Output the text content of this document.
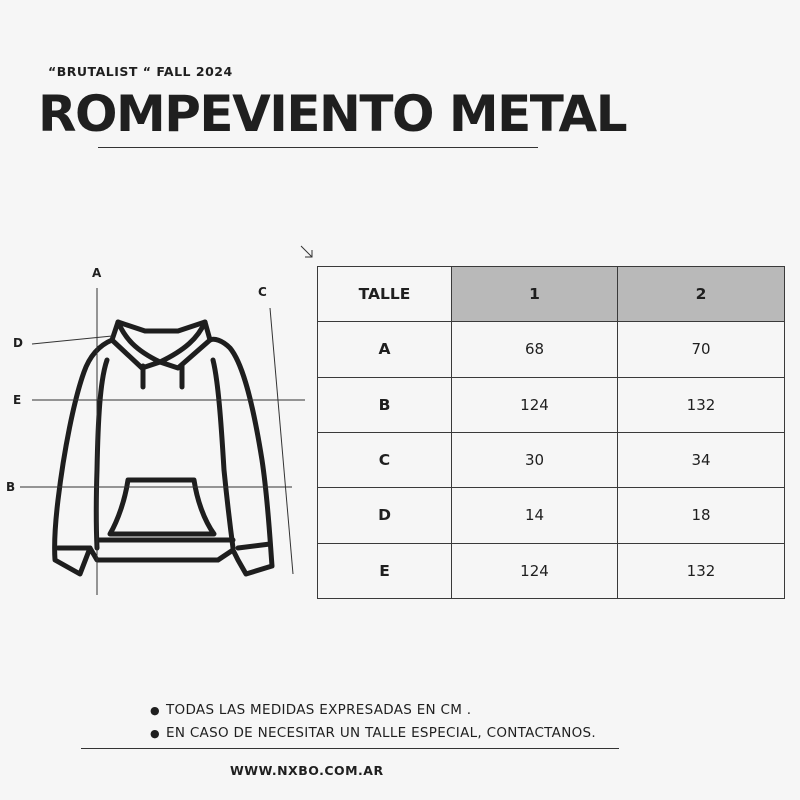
“BRUTALIST “ FALL 2024
ROMPEVIENTO METAL
A
C
D
E
B
TALLE	1	2
A	68	70
B	124	132
C	30	34
D	14	18
E	124	132
● TODAS LAS MEDIDAS EXPRESADAS EN CM .
● EN CASO DE NECESITAR UN TALLE ESPECIAL, CONTACTANOS.
WWW.NXBO.COM.AR
